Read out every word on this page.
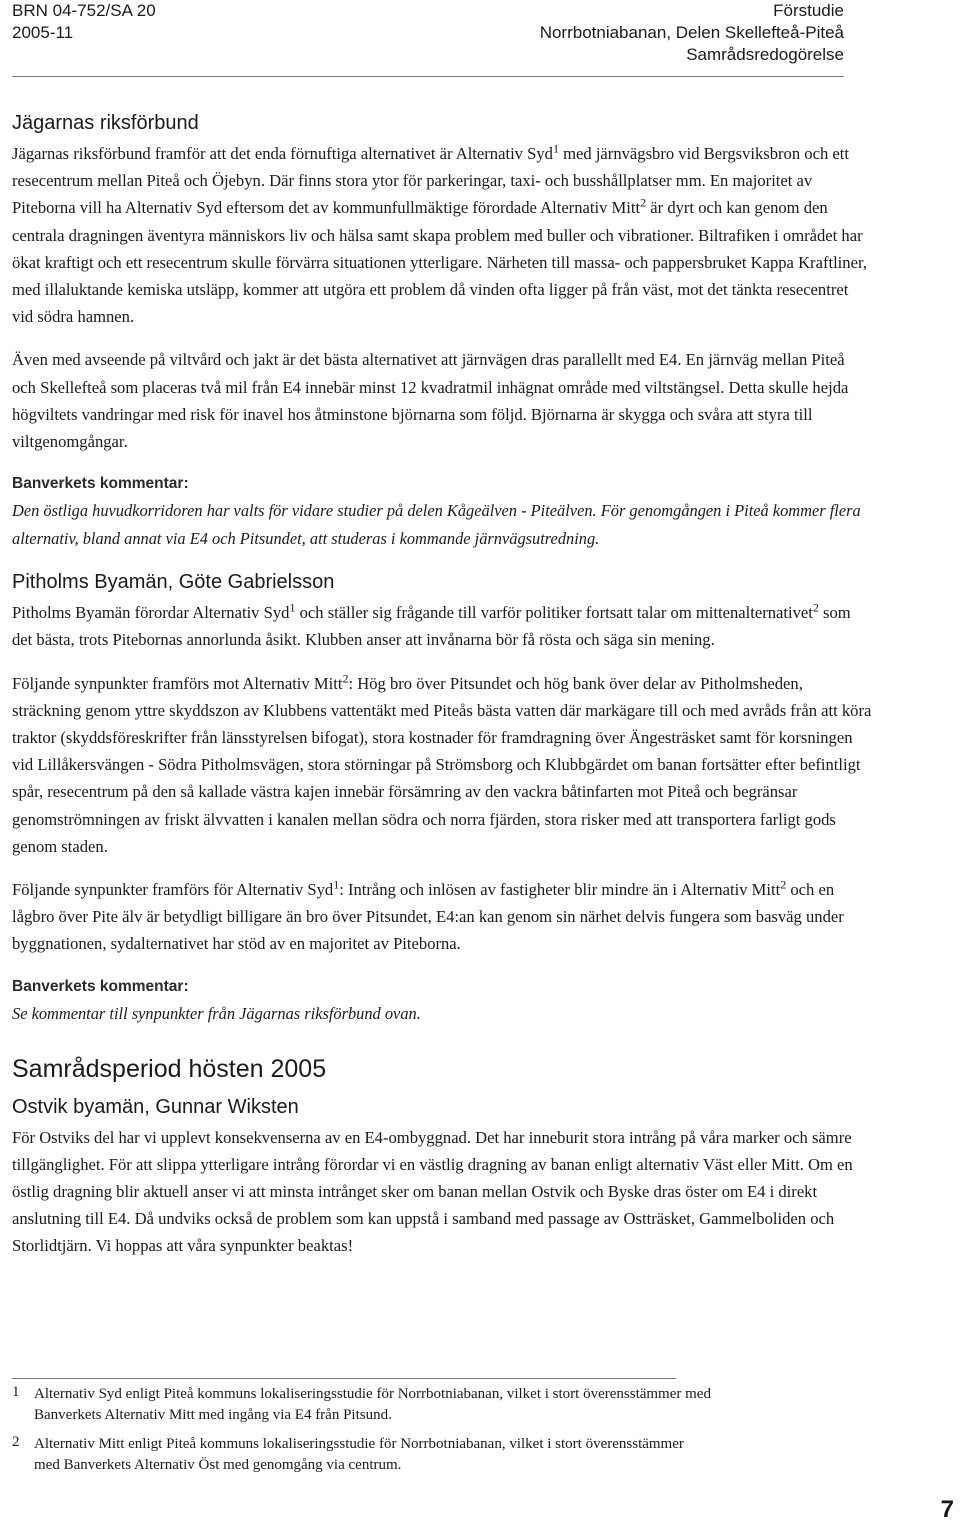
BRN 04-752/SA 20
2005-11
Förstudie
Norrbotniabanan, Delen Skellefteå-Piteå
Samrådsredogörelse
Jägarnas riksförbund

Jägarnas riksförbund framför att det enda förnuftiga alternativet är Alternativ Syd$^1$ med järnvägsbro vid Bergsviksbron och ett resecentrum mellan Piteå och Öjebyn. Där finns stora ytor för parkeringar, taxi- och busshållplatser mm. En majoritet av Piteborna vill ha Alternativ Syd eftersom det av kommunfullmäktige förordade Alternativ Mitt$^2$ är dyrt och kan genom den centrala dragningen äventyra människors liv och hälsa samt skapa problem med buller och vibrationer. Biltrafiken i området har ökat kraftigt och ett resecentrum skulle förvärra situationen ytterligare. Närheten till massa- och pappersbruket Kappa Kraftliner, med illaluktande kemiska utsläpp, kommer att utgöra ett problem då vinden ofta ligger på från väst, mot det tänkta resecentret vid södra hamnen.

Även med avseende på viltvård och jakt är det bästa alternativet att järnvägen dras parallellt med E4. En järnväg mellan Piteå och Skellefteå som placeras två mil från E4 innebär minst 12 kvadratmil inhägnat område med viltstängsel. Detta skulle hejda högviltets vandringar med risk för inavel hos åtminstone björnarna som följd. Björnarna är skygga och svåra att styra till viltgenomgångar.

Banverkets kommentar:

Den östliga huvudkorridoren har valts för vidare studier på delen Kågeälven - Piteälven. För genomgången i Piteå kommer flera alternativ, bland annat via E4 och Pitsundet, att studeras i kommande järnvägsutredning.

Pitholms Byamän, Göte Gabrielsson

Pitholms Byamän förordar Alternativ Syd$^1$ och ställer sig frågande till varför politiker fortsatt talar om mittenalternativet$^2$ som det bästa, trots Pitebornas annorlunda åsikt. Klubben anser att invånarna bör få rösta och säga sin mening.

Följande synpunkter framförs mot Alternativ Mitt$^2$: Hög bro över Pitsundet och hög bank över delar av Pitholmsheden, sträckning genom yttre skyddszon av Klubbens vattentäkt med Piteås bästa vatten där markägare till och med avråds från att köra traktor (skyddsföreskrifter från länsstyrelsen bifogat), stora kostnader för framdragning över Ängesträsket samt för korsningen vid Lillåkersvängen - Södra Pitholmsvägen, stora störningar på Strömsborg och Klubbgärdet om banan fortsätter efter befintligt spår, resecentrum på den så kallade västra kajen innebär försämring av den vackra båtinfarten mot Piteå och begränsar genomströmningen av friskt älvvatten i kanalen mellan södra och norra fjärden, stora risker med att transportera farligt gods genom staden.

Följande synpunkter framförs för Alternativ Syd$^1$: Intrång och inlösen av fastigheter blir mindre än i Alternativ Mitt$^2$ och en lågbro över Pite älv är betydligt billigare än bro över Pitsundet, E4:an kan genom sin närhet delvis fungera som basväg under byggnationen, sydalternativet har stöd av en majoritet av Piteborna.

Banverkets kommentar:

Se kommentar till synpunkter från Jägarnas riksförbund ovan.

Samrådsperiod hösten 2005
Ostvik byamän, Gunnar Wiksten

För Ostviks del har vi upplevt konsekvenserna av en E4-ombyggnad. Det har inneburit stora intrång på våra marker och sämre tillgänglighet. För att slippa ytterligare intrång förordar vi en västlig dragning av banan enligt alternativ Väst eller Mitt. Om en östlig dragning blir aktuell anser vi att minsta intrånget sker om banan mellan Ostvik och Byske dras öster om E4 i direkt anslutning till E4. Då undviks också de problem som kan uppstå i samband med passage av Ostträsket, Gammelboliden och Storlidtjärn. Vi hoppas att våra synpunkter beaktas!

1 Alternativ Syd enligt Piteå kommuns lokaliseringsstudie för Norrbotniabanan, vilket i stort överensstämmer med Banverkets Alternativ Mitt med ingång via E4 från Pitsund.
2 Alternativ Mitt enligt Piteå kommuns lokaliseringsstudie för Norrbotniabanan, vilket i stort överensstämmer med Banverkets Alternativ Öst med genomgång via centrum.
7
